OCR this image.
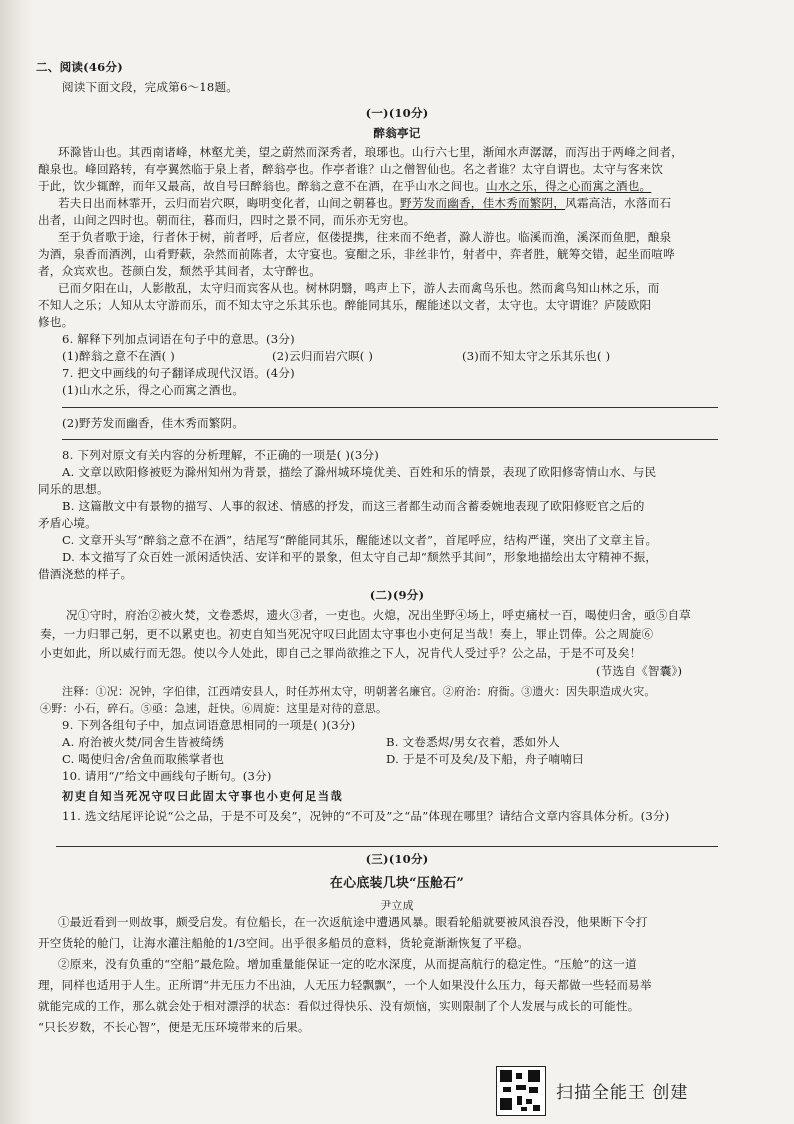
二、阅读(46分)
阅读下面文段，完成第6～18题。
(一)(10分)
醉翁亭记
环滁皆山也。其西南诸峰，林壑尤美，望之蔚然而深秀者，琅琊也。山行六七里，渐闻水声潺潺，而泻出于两峰之间者，
酿泉也。峰回路转，有亭翼然临于泉上者，醉翁亭也。作亭者谁？山之僧智仙也。名之者谁？太守自谓也。太守与客来饮
于此，饮少辄醉，而年又最高，故自号曰醉翁也。醉翁之意不在酒，在乎山水之间也。山水之乐，得之心而寓之酒也。
若夫日出而林霏开，云归而岩穴暝，晦明变化者，山间之朝暮也。野芳发而幽香，佳木秀而繁阴，风霜高洁，水落而石
出者，山间之四时也。朝而往，暮而归，四时之景不同，而乐亦无穷也。
至于负者歌于途，行者休于树，前者呼，后者应，伛偻提携，往来而不绝者，滁人游也。临溪而渔，溪深而鱼肥，酿泉
为酒，泉香而酒洌，山肴野蔌，杂然而前陈者，太守宴也。宴酣之乐，非丝非竹，射者中，弈者胜，觥筹交错，起坐而喧哗
者，众宾欢也。苍颜白发，颓然乎其间者，太守醉也。
已而夕阳在山，人影散乱，太守归而宾客从也。树林阴翳，鸣声上下，游人去而禽鸟乐也。然而禽鸟知山林之乐，而
不知人之乐；人知从太守游而乐，而不知太守之乐其乐也。醉能同其乐，醒能述以文者，太守也。太守谓谁？庐陵欧阳
修也。
6. 解释下列加点词语在句子中的意思。(3分)
(1)醉翁之意不在酒( )	(2)云归而岩穴暝( )	(3)而不知太守之乐其乐也( )
7. 把文中画线的句子翻译成现代汉语。(4分)
(1)山水之乐，得之心而寓之酒也。
(2)野芳发而幽香，佳木秀而繁阴。
8. 下列对原文有关内容的分析理解，不正确的一项是( )(3分)
A. 文章以欧阳修被贬为滁州知州为背景，描绘了滁州城环境优美、百姓和乐的情景，表现了欧阳修寄情山水、与民
同乐的思想。
B. 这篇散文中有景物的描写、人事的叙述、情感的抒发，而这三者都生动而含蓄委婉地表现了欧阳修贬官之后的
矛盾心境。
C. 文章开头写“醉翁之意不在酒”，结尾写“醉能同其乐，醒能述以文者”，首尾呼应，结构严谨，突出了文章主旨。
D. 本文描写了众百姓一派闲适快活、安详和平的景象，但太守自己却“颓然乎其间”，形象地描绘出太守精神不振，
借酒浇愁的样子。
(二)(9分)
况①守时，府治②被火焚，文卷悉烬，遗火③者，一吏也。火熄，况出坐野④场上，呼吏痛杖一百，喝使归舍，亟⑤自草
奏，一力归罪己躬，更不以累吏也。初吏自知当死况守叹曰此固太守事也小吏何足当哉！奏上，罪止罚俸。公之周旋⑥
小吏如此，所以威行而无怨。使以今人处此，即自己之罪尚欲推之下人，况肯代人受过乎？公之品，于是不可及矣！
(节选自《智囊》)
注释：①况：况钟，字伯律，江西靖安县人，时任苏州太守，明朝著名廉官。②府治：府衙。③遗火：因失职造成火灾。
④野：小石，碎石。⑤亟：急速，赶快。⑥周旋：这里是对待的意思。
9. 下列各组句子中，加点词语意思相同的一项是( )(3分)
A. 府治被火焚/同舍生皆被绮绣	B. 文卷悉烬/男女衣着，悉如外人
C. 喝使归舍/舍鱼而取熊掌者也	D. 于是不可及矣/及下船，舟子喃喃曰
10. 请用“/”给文中画线句子断句。(3分)
初吏自知当死况守叹曰此固太守事也小吏何足当哉
11. 选文结尾评论说“公之品，于是不可及矣”，况钟的“不可及”之“品”体现在哪里？请结合文章内容具体分析。(3分)
(三)(10分)
在心底装几块“压舱石”
尹立成
①最近看到一则故事，颇受启发。有位船长，在一次返航途中遭遇风暴。眼看轮船就要被风浪吞没，他果断下令打
开空货轮的舱门，让海水灌注船舱的1/3空间。出乎很多船员的意料，货轮竟渐渐恢复了平稳。
②原来，没有负重的“空船”最危险。增加重量能保证一定的吃水深度，从而提高航行的稳定性。“压舱”的这一道
理，同样也适用于人生。正所谓“井无压力不出油，人无压力轻飘飘”，一个人如果没什么压力，每天都做一些轻而易举
就能完成的工作，那么就会处于相对漂浮的状态：看似过得快乐、没有烦恼，实则限制了个人发展与成长的可能性。
“只长岁数，不长心智”，便是无压环境带来的后果。
扫描全能王 创建
